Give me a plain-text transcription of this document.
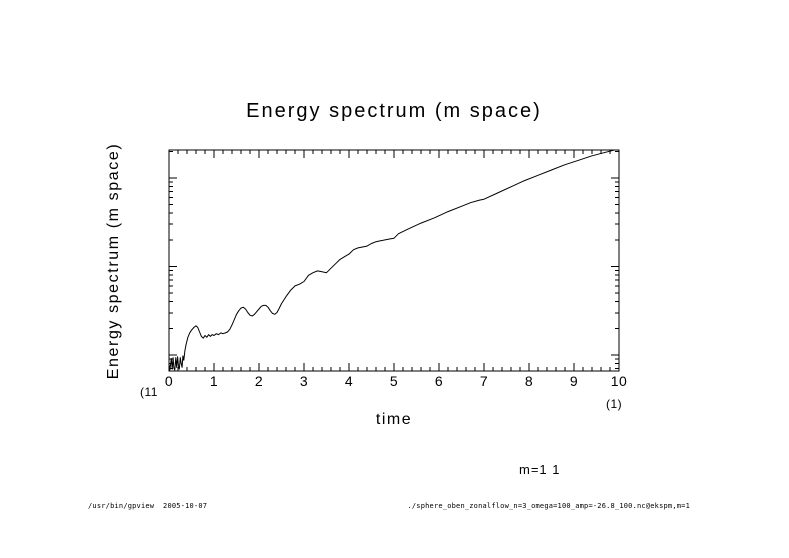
Energy spectrum (m space)
Energy spectrum (m space)
0	1	2	3	4	5	6	7	8	9	10
(11
(1)
time
m=1 1
/usr/bin/gpview  2005-10-07	./sphere_oben_zonalflow_n=3_omega=100_amp=-26.8_100.nc@ekspm,m=1
